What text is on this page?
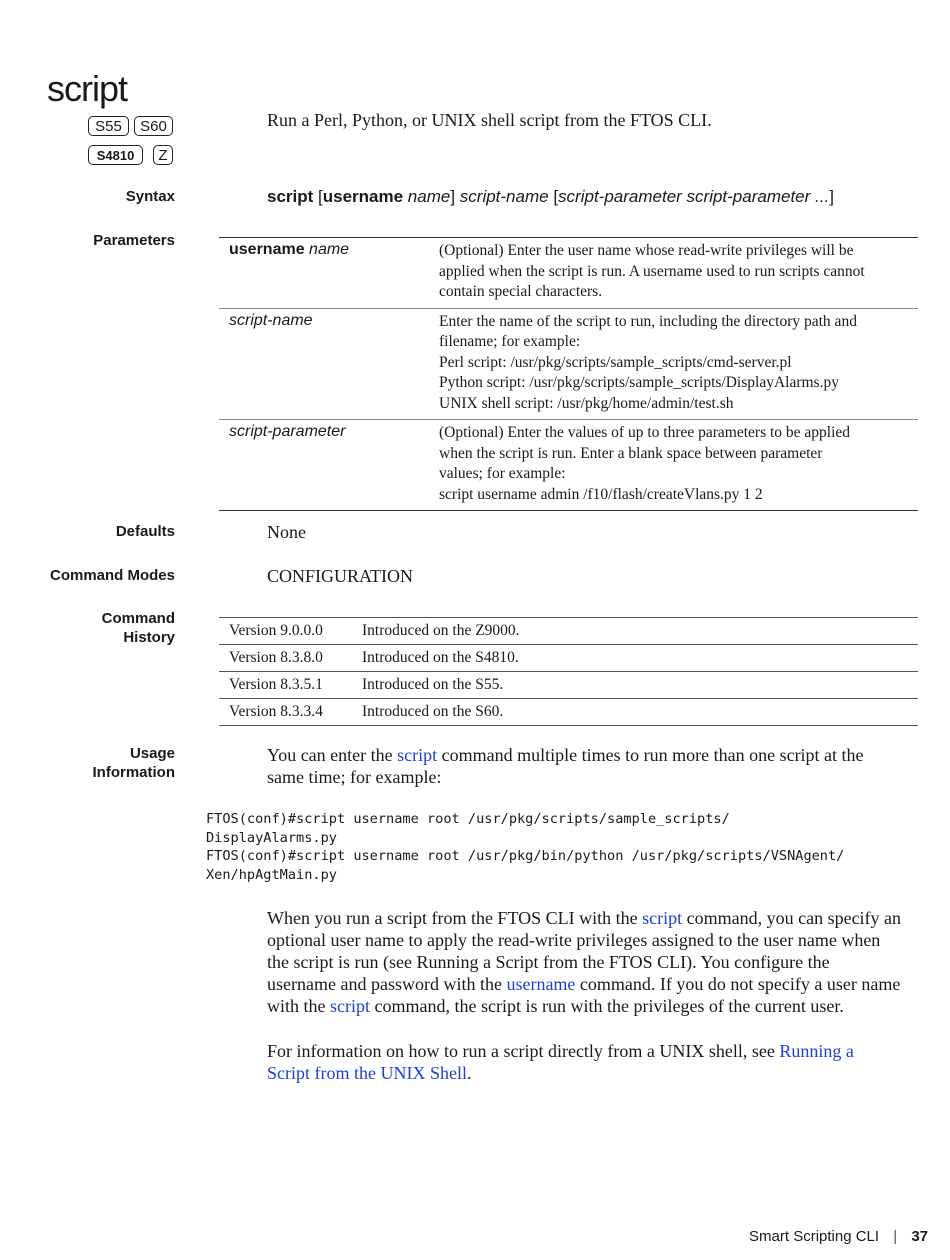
script
S55	S60
S4810	Z
Run a Perl, Python, or UNIX shell script from the FTOS CLI.
Syntax	script [username name] script-name [script-parameter script-parameter ...]
Parameters
username name	(Optional) Enter the user name whose read-write privileges will be
applied when the script is run. A username used to run scripts cannot
contain special characters.

script-name	Enter the name of the script to run, including the directory path and
filename; for example:
Perl script: /usr/pkg/scripts/sample_scripts/cmd-server.pl
Python script: /usr/pkg/scripts/sample_scripts/DisplayAlarms.py
UNIX shell script: /usr/pkg/home/admin/test.sh

script-parameter	(Optional) Enter the values of up to three parameters to be applied
when the script is run. Enter a blank space between parameter
values; for example:
script username admin /f10/flash/createVlans.py 1 2
Defaults	None
Command Modes	CONFIGURATION
Command
History	Version 9.0.0.0	Introduced on the Z9000.
Version 8.3.8.0	Introduced on the S4810.
Version 8.3.5.1	Introduced on the S55.
Version 8.3.3.4	Introduced on the S60.
Usage
Information
You can enter the script command multiple times to run more than one script at the
same time; for example:
FTOS(conf)#script username root /usr/pkg/scripts/sample_scripts/
DisplayAlarms.py
FTOS(conf)#script username root /usr/pkg/bin/python /usr/pkg/scripts/VSNAgent/
Xen/hpAgtMain.py
When you run a script from the FTOS CLI with the script command, you can specify an
optional user name to apply the read-write privileges assigned to the user name when
the script is run (see Running a Script from the FTOS CLI). You configure the
username and password with the username command. If you do not specify a user name
with the script command, the script is run with the privileges of the current user.
For information on how to run a script directly from a UNIX shell, see Running a
Script from the UNIX Shell.
Smart Scripting CLI | 37
